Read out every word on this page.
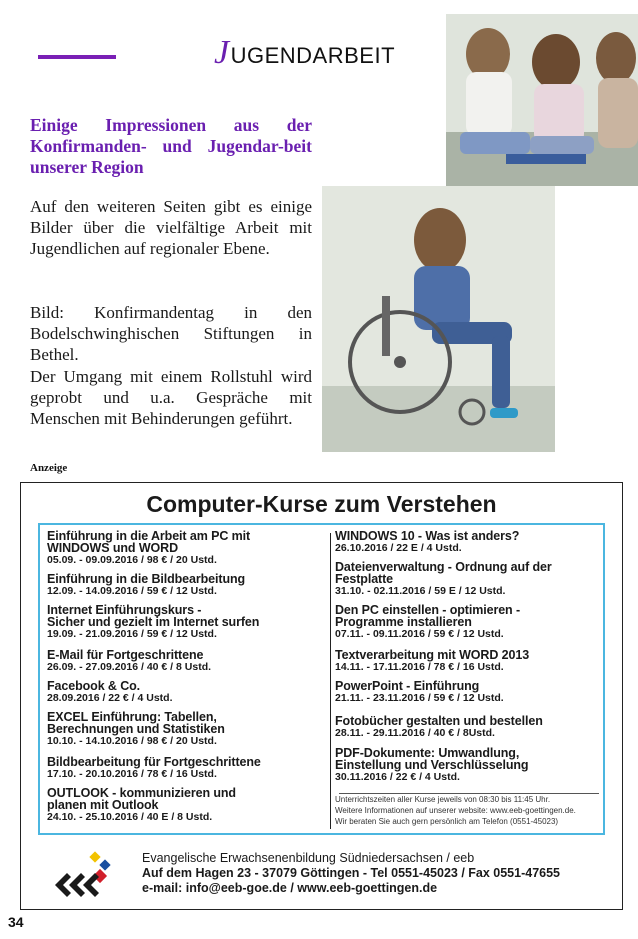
JUGENDARBEIT
Einige Impressionen aus der Konfirmanden- und Jugendar-beit unserer Region
Auf den weiteren Seiten gibt es einige Bilder über die vielfältige Arbeit mit Jugendlichen auf regionaler Ebene.
Bild: Konfirmandentag in den Bodelschwinghischen Stiftungen in Bethel.
Der Umgang mit einem Rollstuhl wird geprobt und u.a. Gespräche mit Menschen mit Behinderungen geführt.
Anzeige
Computer-Kurse zum Verstehen
Einführung in die Arbeit am PC mit
WINDOWS und WORD
05.09. - 09.09.2016 / 98 € / 20 Ustd.
Einführung in die Bildbearbeitung
12.09. - 14.09.2016 / 59 € / 12 Ustd.
Internet Einführungskurs -
Sicher und gezielt im Internet surfen
19.09. - 21.09.2016 / 59 € / 12 Ustd.
E-Mail für Fortgeschrittene
26.09. - 27.09.2016 / 40 € / 8 Ustd.
Facebook & Co.
28.09.2016 / 22 € / 4 Ustd.
EXCEL Einführung: Tabellen,
Berechnungen und Statistiken
10.10. - 14.10.2016 / 98 € / 20 Ustd.
Bildbearbeitung für Fortgeschrittene
17.10. - 20.10.2016 / 78 € / 16 Ustd.
OUTLOOK - kommunizieren und
planen mit Outlook
24.10. - 25.10.2016 / 40 E / 8 Ustd.
WINDOWS 10 - Was ist anders?
26.10.2016 / 22 E / 4 Ustd.
Dateienverwaltung - Ordnung auf der
Festplatte
31.10. - 02.11.2016 / 59 E / 12 Ustd.
Den PC einstellen - optimieren -
Programme installieren
07.11. - 09.11.2016 / 59 € / 12 Ustd.
Textverarbeitung mit WORD 2013
14.11. - 17.11.2016 / 78 € / 16 Ustd.
PowerPoint - Einführung
21.11. - 23.11.2016 / 59 € / 12 Ustd.
Fotobücher gestalten und bestellen
28.11. - 29.11.2016 / 40 € / 8Ustd.
PDF-Dokumente: Umwandlung,
Einstellung und Verschlüsselung
30.11.2016 / 22 € / 4 Ustd.
Unterrichtszeiten aller Kurse jeweils von 08:30 bis 11:45 Uhr.
Weitere Informationen auf unserer website: www.eeb-goettingen.de.
Wir beraten Sie auch gern persönlich am Telefon (0551-45023)
Evangelische Erwachsenenbildung Südniedersachsen / eeb
Auf dem Hagen 23 - 37079 Göttingen - Tel 0551-45023 / Fax 0551-47655
e-mail: info@eeb-goe.de / www.eeb-goettingen.de
34
